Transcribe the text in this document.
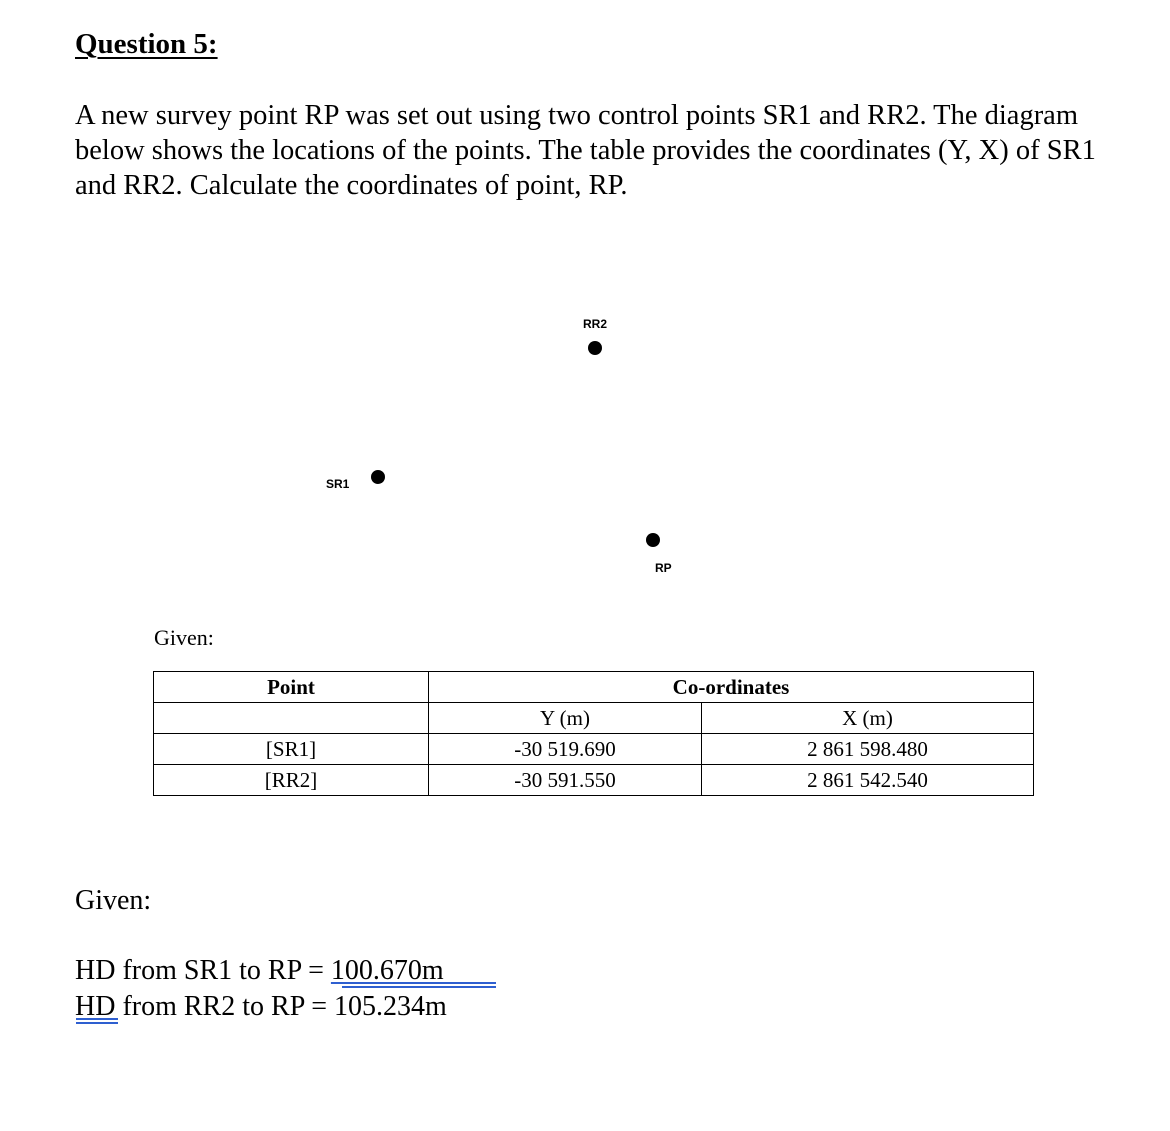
Question 5:
A new survey point RP was set out using two control points SR1 and RR2. The diagram below shows the locations of the points. The table provides the coordinates (Y, X) of SR1 and RR2. Calculate the coordinates of point, RP.
RR2
SR1
RP
Given:
Point	Co-ordinates	
	Y (m)	X (m)
[SR1]	-30 519.690	2 861 598.480
[RR2]	-30 591.550	2 861 542.540
Given:
HD from SR1 to RP = 100.670m
HD from RR2 to RP = 105.234m
